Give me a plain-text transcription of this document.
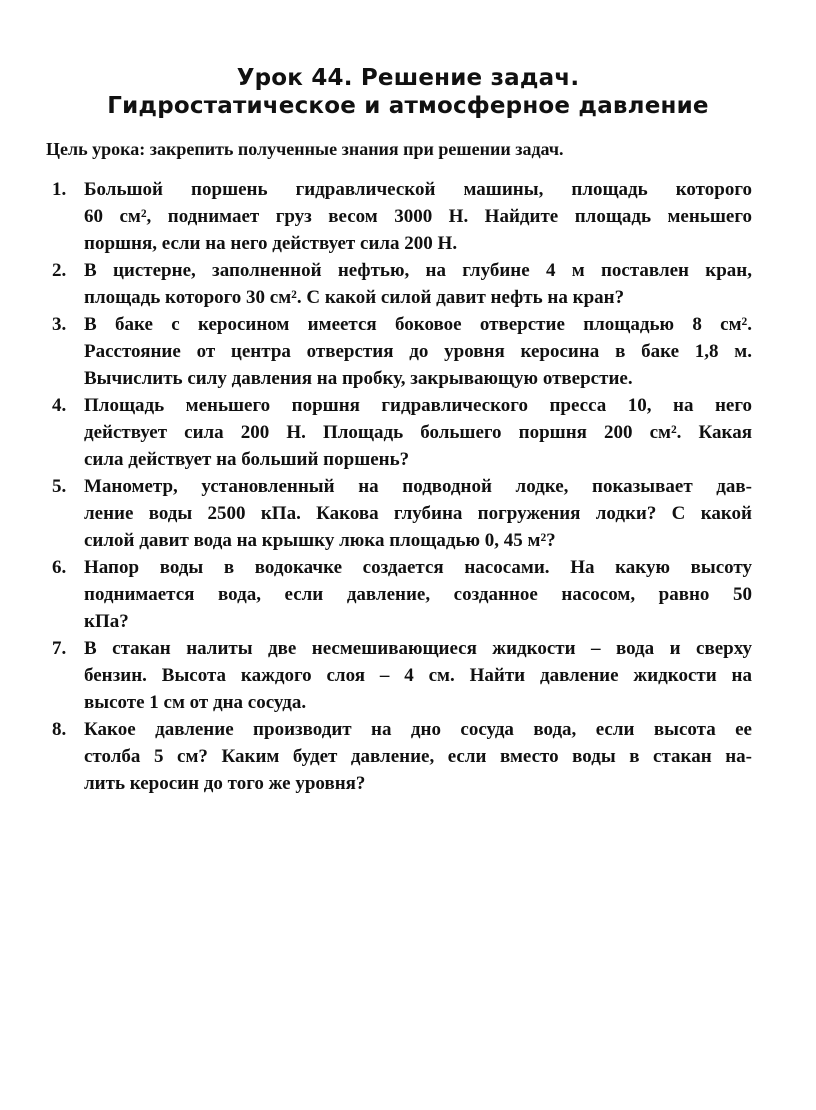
Урок 44. Решение задач.
Гидростатическое и атмосферное давление

Цель урока: закрепить полученные знания при решении задач.

1. Большой поршень гидравлической машины, площадь которого
60 см², поднимает груз весом 3000 Н. Найдите площадь меньшего
поршня, если на него действует сила 200 Н.
2. В цистерне, заполненной нефтью, на глубине 4 м поставлен кран,
площадь которого 30 см². С какой силой давит нефть на кран?
3. В баке с керосином имеется боковое отверстие площадью 8 см².
Расстояние от центра отверстия до уровня керосина в баке 1,8 м.
Вычислить силу давления на пробку, закрывающую отверстие.
4. Площадь меньшего поршня гидравлического пресса 10, на него
действует сила 200 Н. Площадь большего поршня 200 см². Какая
сила действует на больший поршень?
5. Манометр, установленный на подводной лодке, показывает дав-
ление воды 2500 кПа. Какова глубина погружения лодки? С какой
силой давит вода на крышку люка площадью 0, 45 м²?
6. Напор воды в водокачке создается насосами. На какую высоту
поднимается вода, если давление, созданное насосом, равно 50
кПа?
7. В стакан налиты две несмешивающиеся жидкости – вода и сверху
бензин. Высота каждого слоя – 4 см. Найти давление жидкости на
высоте 1 см от дна сосуда.
8. Какое давление производит на дно сосуда вода, если высота ее
столба 5 см? Каким будет давление, если вместо воды в стакан на-
лить керосин до того же уровня?
